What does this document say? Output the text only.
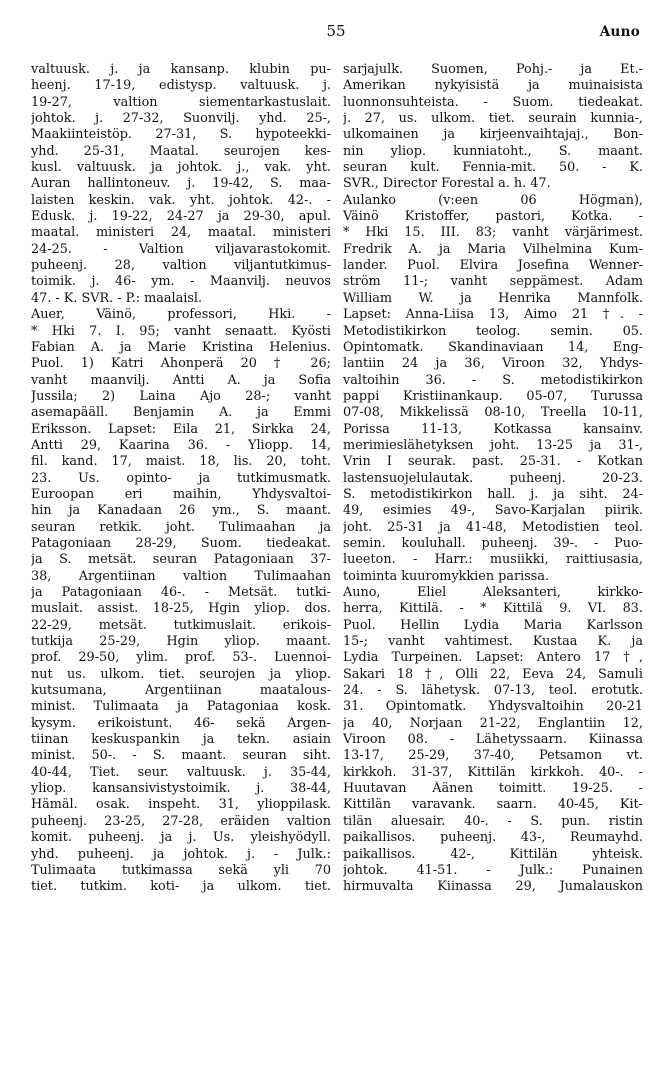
55	Auno
valtuusk. j. ja kansanp. klubin pu-
heenj. 17-19, edistysp. valtuusk. j.
19-27, valtion siementarkastuslait.
johtok. j. 27-32, Suonvilj. yhd. 25-,
Maakiinteistöp. 27-31, S. hypoteekki-
yhd. 25-31, Maatal. seurojen kes-
kusl. valtuusk. ja johtok. j., vak. yht.
Auran hallintoneuv. j. 19-42, S. maa-
laisten keskin. vak. yht. johtok. 42-. -
Edusk. j. 19-22, 24-27 ja 29-30, apul.
maatal. ministeri 24, maatal. ministeri
24-25. - Valtion viljavarastokomit.
puheenj. 28, valtion viljantutkimus-
toimik. j. 46- ym. - Maanvilj. neuvos
47. - K. SVR. - P.: maalaisl.
Auer, Väinö, professori, Hki. -
* Hki 7. I. 95; vanht senaatt. Kyösti
Fabian A. ja Marie Kristina Helenius.
Puol. 1) Katri Ahonperä 20 † 26;
vanht maanvilj. Antti A. ja Sofia
Jussila; 2) Laina Ajo 28-; vanht
asemapääll. Benjamin A. ja Emmi
Eriksson. Lapset: Eila 21, Sirkka 24,
Antti 29, Kaarina 36. - Yliopp. 14,
fil. kand. 17, maist. 18, lis. 20, toht.
23. Us. opinto- ja tutkimusmatk.
Euroopan eri maihin, Yhdysvaltoi-
hin ja Kanadaan 26 ym., S. maant.
seuran retkik. joht. Tulimaahan ja
Patagoniaan 28-29, Suom. tiedeakat.
ja S. metsät. seuran Patagoniaan 37-
38, Argentiinan valtion Tulimaahan
ja Patagoniaan 46-. - Metsät. tutki-
muslait. assist. 18-25, Hgin yliop. dos.
22-29, metsät. tutkimuslait. erikois-
tutkija 25-29, Hgin yliop. maant.
prof. 29-50, ylim. prof. 53-. Luennoi-
nut us. ulkom. tiet. seurojen ja yliop.
kutsumana, Argentiinan maatalous-
minist. Tulimaata ja Patagoniaa kosk.
kysym. erikoistunt. 46- sekä Argen-
tiinan keskuspankin ja tekn. asiain
minist. 50-. - S. maant. seuran siht.
40-44, Tiet. seur. valtuusk. j. 35-44,
yliop. kansansivistystoimik. j. 38-44,
Hämäl. osak. inspeht. 31, ylioppilask.
puheenj. 23-25, 27-28, eräiden valtion
komit. puheenj. ja j. Us. yleishyödyll.
yhd. puheenj. ja johtok. j. - Julk.:
Tulimaata tutkimassa sekä yli 70
tiet. tutkim. koti- ja ulkom. tiet.
sarjajulk. Suomen, Pohj.- ja Et.-
Amerikan nykyisistä ja muinaisista
luonnonsuhteista. - Suom. tiedeakat.
j. 27, us. ulkom. tiet. seurain kunnia-,
ulkomainen ja kirjeenvaihtajaj., Bon-
nin yliop. kunniatoht., S. maant.
seuran kult. Fennia-mit. 50. - K.
SVR., Director Forestal a. h. 47.
Aulanko (v:een 06 Högman),
Väinö Kristoffer, pastori, Kotka. -
* Hki 15. III. 83; vanht värjärimest.
Fredrik A. ja Maria Vilhelmina Kum-
lander. Puol. Elvira Josefina Wenner-
ström 11-; vanht seppämest. Adam
William W. ja Henrika Mannfolk.
Lapset: Anna-Liisa 13, Aimo 21 †. -
Metodistikirkon teolog. semin. 05.
Opintomatk. Skandinaviaan 14, Eng-
lantiin 24 ja 36, Viroon 32, Yhdys-
valtoihin 36. - S. metodistikirkon
pappi Kristiinankaup. 05-07, Turussa
07-08, Mikkelissä 08-10, Treella 10-11,
Porissa 11-13, Kotkassa kansainv.
merimieslähetyksen joht. 13-25 ja 31-,
Vrin I seurak. past. 25-31. - Kotkan
lastensuojelulautak. puheenj. 20-23.
S. metodistikirkon hall. j. ja siht. 24-
49, esimies 49-, Savo-Karjalan piirik.
joht. 25-31 ja 41-48, Metodistien teol.
semin. kouluhall. puheenj. 39-. - Puo-
lueeton. - Harr.: musiikki, raittiusasia,
toiminta kuuromykkien parissa.
Auno, Eliel Aleksanteri, kirkko-
herra, Kittilä. - * Kittilä 9. VI. 83.
Puol. Hellin Lydia Maria Karlsson
15-; vanht vahtimest. Kustaa K. ja
Lydia Turpeinen. Lapset: Antero 17 †,
Sakari 18 †, Olli 22, Eeva 24, Samuli
24. - S. lähetysk. 07-13, teol. erotutk.
31. Opintomatk. Yhdysvaltoihin 20-21
ja 40, Norjaan 21-22, Englantiin 12,
Viroon 08. - Lähetyssaarn. Kiinassa
13-17, 25-29, 37-40, Petsamon vt.
kirkkoh. 31-37, Kittilän kirkkoh. 40-. -
Huutavan Äänen toimitt. 19-25. -
Kittilän varavank. saarn. 40-45, Kit-
tilän aluesair. 40-. - S. pun. ristin
paikallisos. puheenj. 43-, Reumayhd.
paikallisos. 42-, Kittilän yhteisk.
johtok. 41-51. - Julk.: Punainen
hirmuvalta Kiinassa 29, Jumalauskon
